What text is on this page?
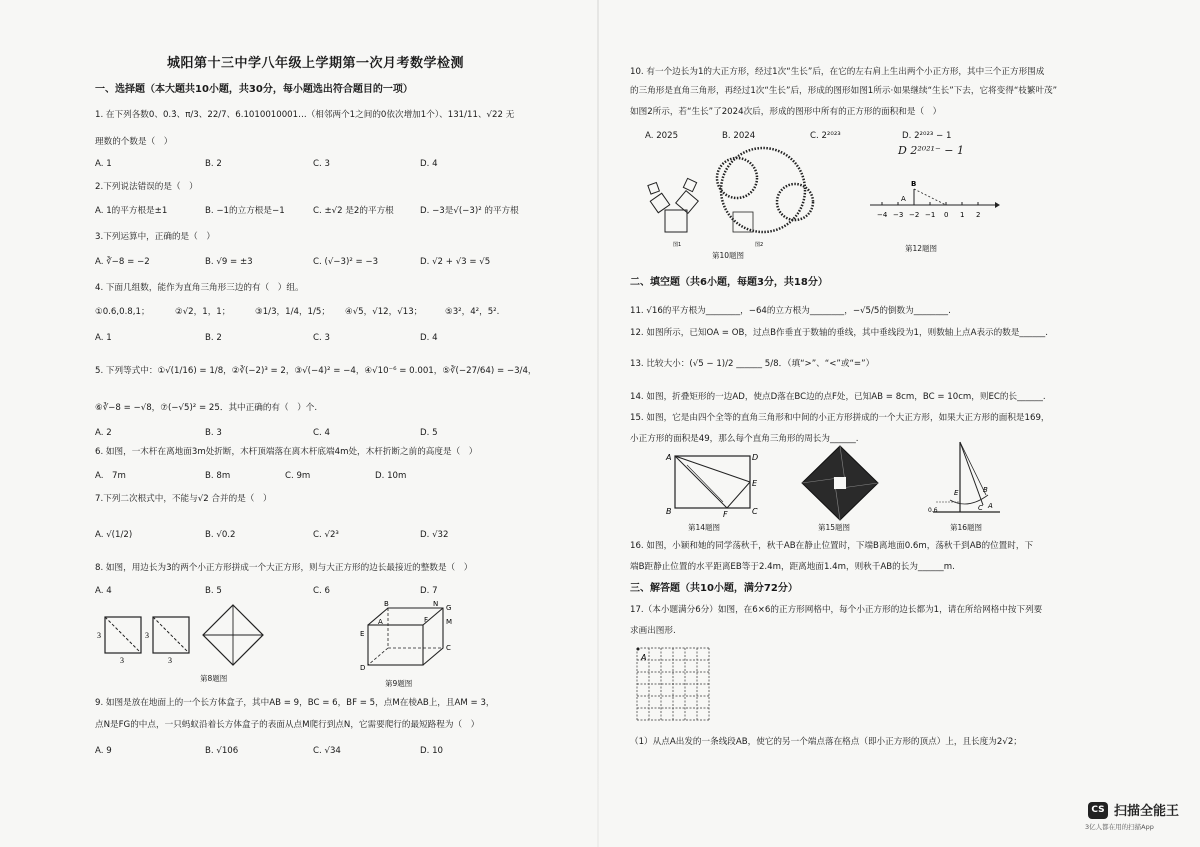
城阳第十三中学八年级上学期第一次月考数学检测
一、选择题（本大题共10小题，共30分，每小题选出符合题目的一项）
1. 在下列各数0、0.3̇、π/3、22/7、6.1010010001…（相邻两个1之间的0依次增加1个）、131/11、√22 无
理数的个数是（　）
A. 1	B. 2	C. 3	D. 4
2.下列说法错误的是（　）
A. 1的平方根是±1	B. −1的立方根是−1	C. ±√2 是2的平方根	D. −3是√(−3)² 的平方根
3.下列运算中，正确的是（　）
A. ∛−8 = −2	B. √9 = ±3	C. (√−3)² = −3	D. √2 + √3 = √5
4. 下面几组数，能作为直角三角形三边的有（　）组。
①0.6,0.8,1；	②√2，1，1；	③1/3，1/4，1/5； ④√5，√12，√13；	⑤3²，4²，5².
A. 1	B. 2	C. 3	D. 4
5. 下列等式中：①√(1/16) = 1/8，②∛(−2)³ = 2，③√(−4)² = −4，④√10⁻⁶ = 0.001，⑤∛(−27/64) = −3/4，
⑥∛−8 = −√8，⑦(−√5)² = 25．其中正确的有（　）个.
A. 2	B. 3	C. 4	D. 5
6. 如图，一木杆在离地面3m处折断，木杆顶端落在离木杆底端4m处，木杆折断之前的高度是（　）
A.　7m	B. 8m	C. 9m	D. 10m
7.下列二次根式中，不能与√2 合并的是（　）
A. √(1/2)	B. √0.2	C. √2³	D. √32
8. 如图，用边长为3的两个小正方形拼成一个大正方形，则与大正方形的边长最接近的整数是（　）
A. 4	B. 5	C. 6	D. 7
3
3
3
3
第8题图
B	N G
M
A	F
C
E
D
第9题图
9. 如图是放在地面上的一个长方体盒子，其中AB = 9，BC = 6，BF = 5，点M在棱AB上，且AM = 3，
点N是FG的中点，一只蚂蚁沿着长方体盒子的表面从点M爬行到点N，它需要爬行的最短路程为（　）
A. 9	B. √106	C. √34	D. 10
10. 有一个边长为1的大正方形，经过1次“生长”后，在它的左右肩上生出两个小正方形，其中三个正方形围成
的三角形是直角三角形，再经过1次“生长”后，形成的图形如图1所示·如果继续“生长”下去，它将变得“枝繁叶茂”
如图2所示，若“生长”了2024次后，形成的图形中所有的正方形的面积和是（　）
A. 2025	B. 2024	C. 2²⁰²³	D. 2²⁰²³ − 1
D 2²⁰²¹⁻ − 1
图1	图2
第10题图
B
A
−4 −3 −2 −1 0 1 2
第12题图
二、填空题（共6小题，每题3分，共18分）
11. √16的平方根为________，−64的立方根为________，−√5/5的倒数为________.
12. 如图所示，已知OA = OB，过点B作垂直于数轴的垂线，其中垂线段为1，则数轴上点A表示的数是______.
13. 比较大小：(√5 − 1)/2 ______ 5/8．（填“>”、“<”或“=”）
14. 如图，折叠矩形的一边AD，使点D落在BC边的点F处，已知AB = 8cm，BC = 10cm，则EC的长______.
15. 如图，它是由四个全等的直角三角形和中间的小正方形拼成的一个大正方形，如果大正方形的面积是169，
小正方形的面积是49，那么每个直角三角形的周长为______.
A	D
E
B	F	C
第14题图	第15题图
E	B
A
C
0.6
第16题图
16. 如图，小颖和她的同学荡秋千，秋千AB在静止位置时，下端B离地面0.6m，荡秋千到AB的位置时，下
端B距静止位置的水平距离EB等于2.4m，距离地面1.4m，则秋千AB的长为______m.
三、解答题（共10小题，满分72分）
17.（本小题满分6分）如图，在6×6的正方形网格中，每个小正方形的边长都为1，请在所给网格中按下列要
求画出图形.
A
（1）从点A出发的一条线段AB，使它的另一个端点落在格点（即小正方形的顶点）上，且长度为2√2；
CS 扫描全能王
3亿人都在用的扫描App
